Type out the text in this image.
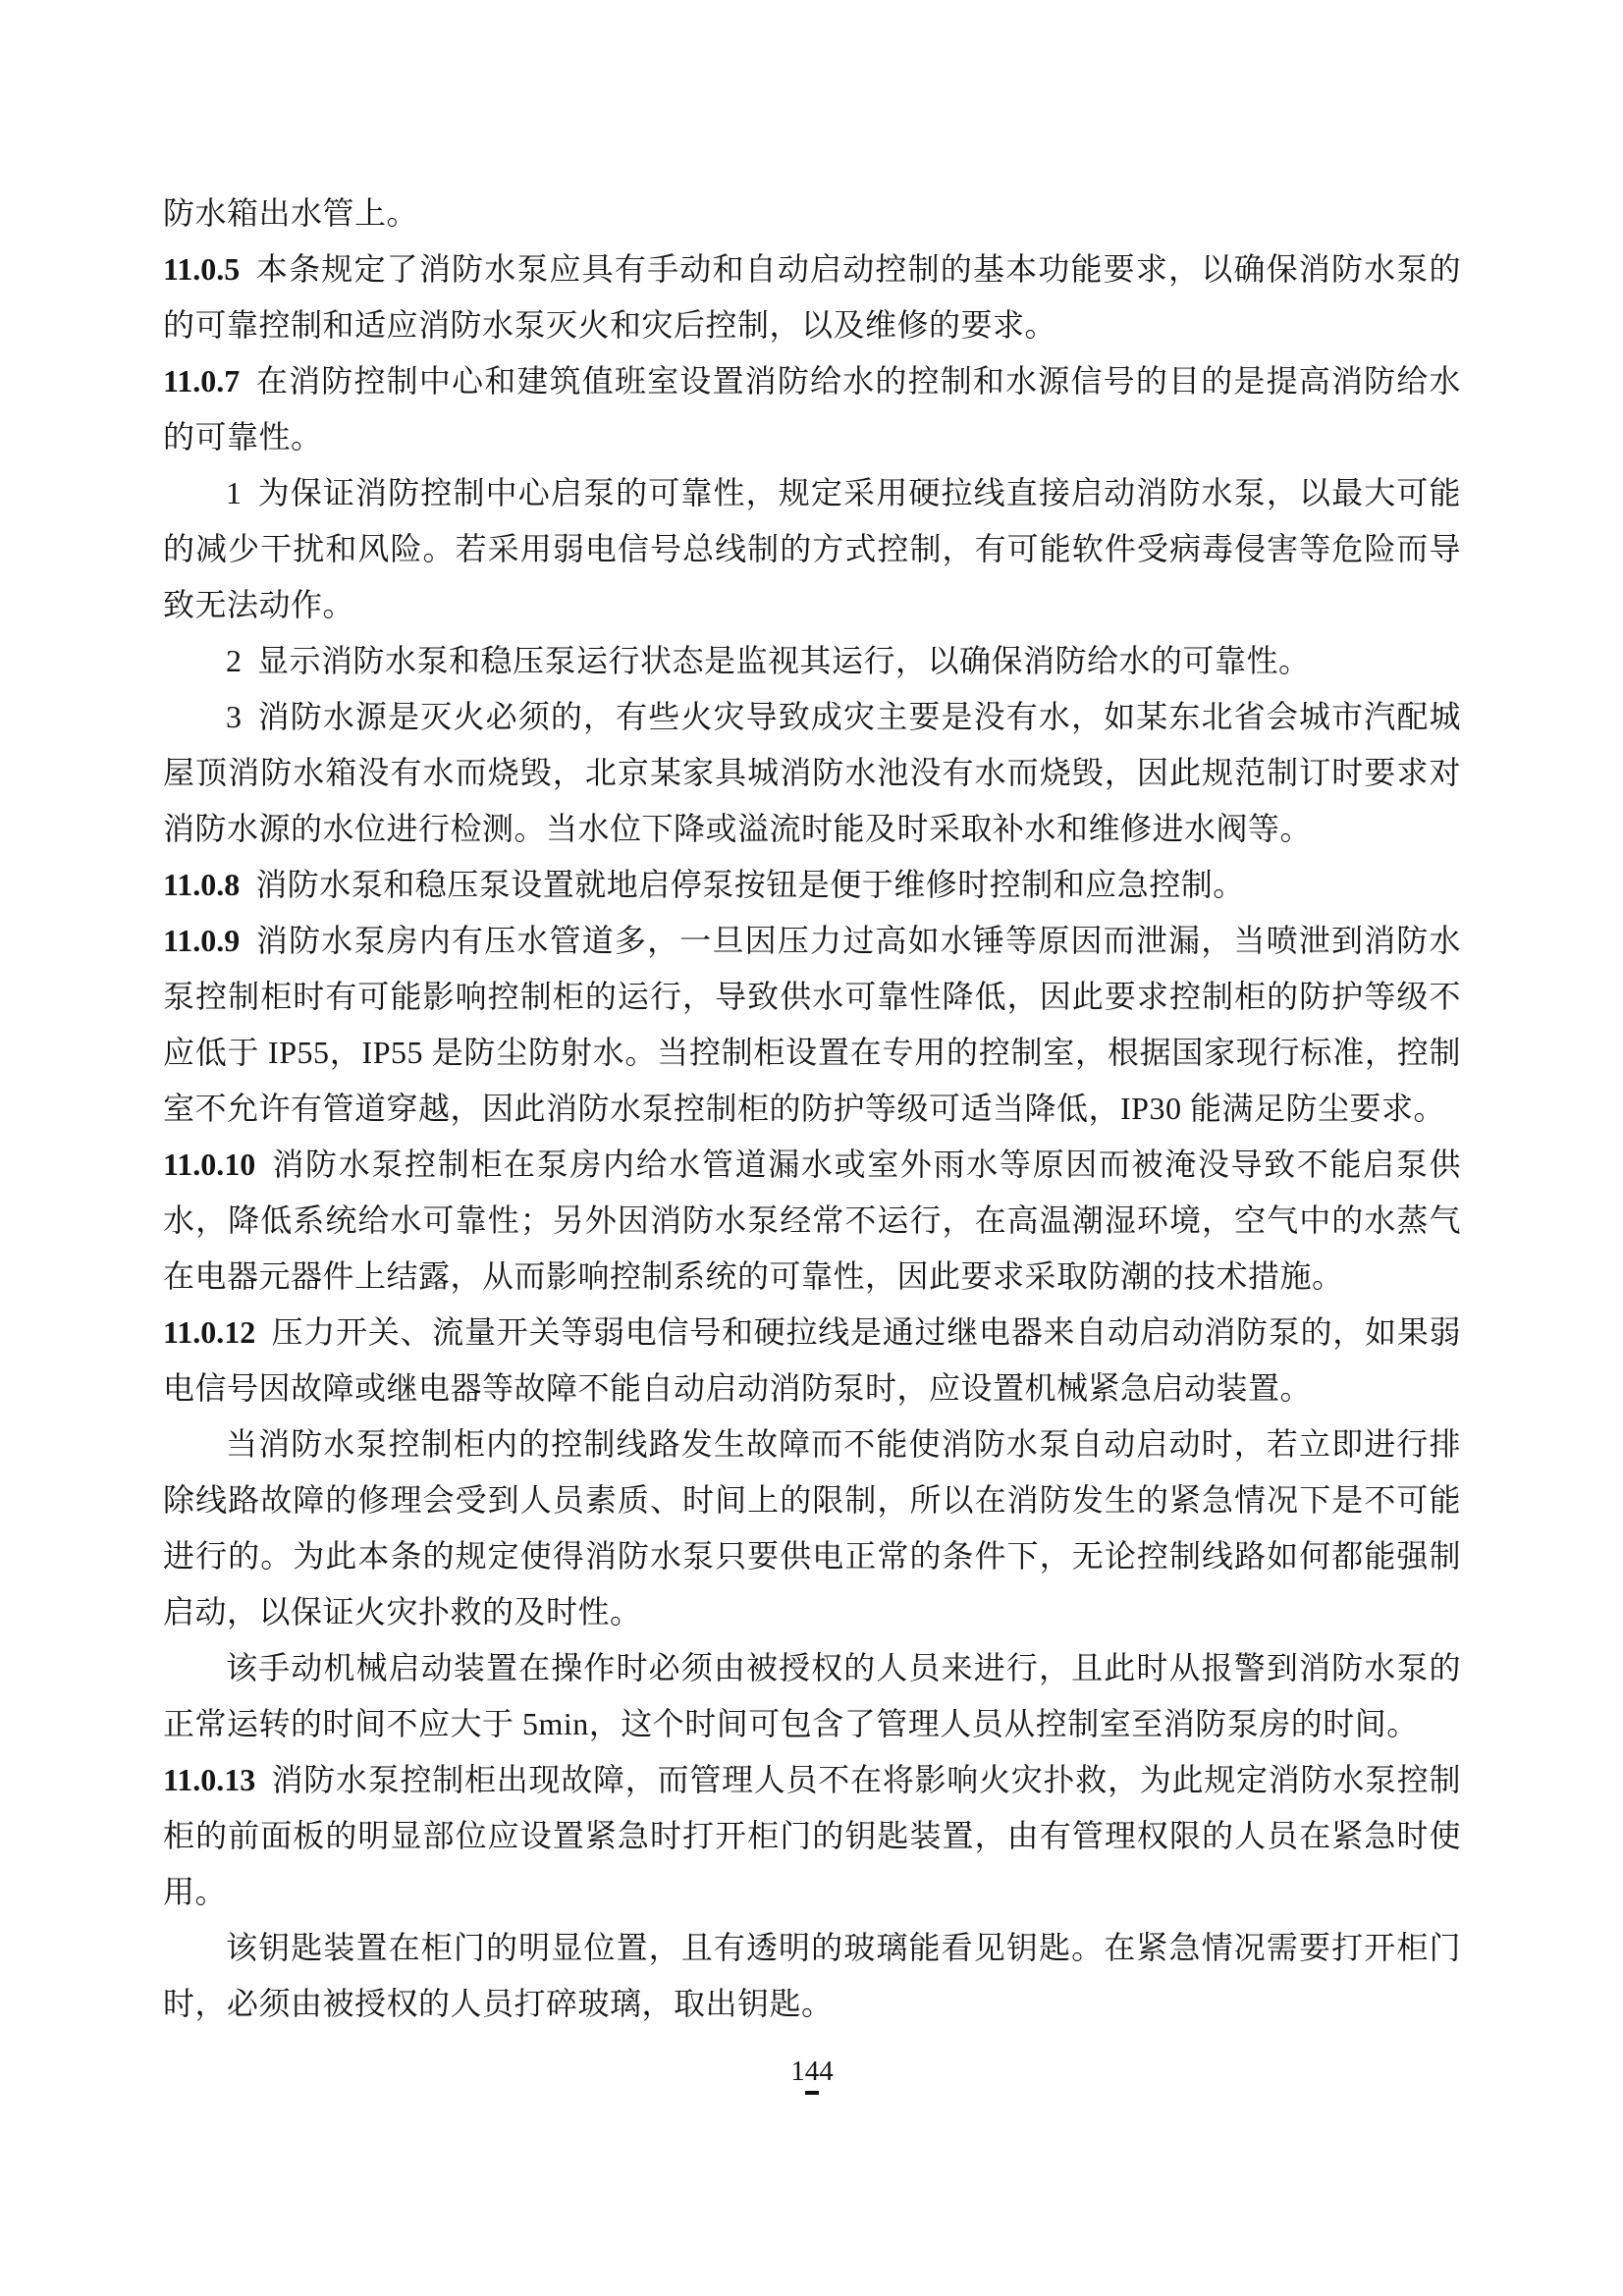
防水箱出水管上。

11.0.5 本条规定了消防水泵应具有手动和自动启动控制的基本功能要求，以确保消防水泵的的可靠控制和适应消防水泵灭火和灾后控制，以及维修的要求。

11.0.7 在消防控制中心和建筑值班室设置消防给水的控制和水源信号的目的是提高消防给水的可靠性。

1 为保证消防控制中心启泵的可靠性，规定采用硬拉线直接启动消防水泵，以最大可能的减少干扰和风险。若采用弱电信号总线制的方式控制，有可能软件受病毒侵害等危险而导致无法动作。

2 显示消防水泵和稳压泵运行状态是监视其运行，以确保消防给水的可靠性。

3 消防水源是灭火必须的，有些火灾导致成灾主要是没有水，如某东北省会城市汽配城屋顶消防水箱没有水而烧毁，北京某家具城消防水池没有水而烧毁，因此规范制订时要求对消防水源的水位进行检测。当水位下降或溢流时能及时采取补水和维修进水阀等。

11.0.8 消防水泵和稳压泵设置就地启停泵按钮是便于维修时控制和应急控制。

11.0.9 消防水泵房内有压水管道多，一旦因压力过高如水锤等原因而泄漏，当喷泄到消防水泵控制柜时有可能影响控制柜的运行，导致供水可靠性降低，因此要求控制柜的防护等级不应低于 IP55，IP55 是防尘防射水。当控制柜设置在专用的控制室，根据国家现行标准，控制室不允许有管道穿越，因此消防水泵控制柜的防护等级可适当降低，IP30 能满足防尘要求。

11.0.10 消防水泵控制柜在泵房内给水管道漏水或室外雨水等原因而被淹没导致不能启泵供水，降低系统给水可靠性；另外因消防水泵经常不运行，在高温潮湿环境，空气中的水蒸气在电器元器件上结露，从而影响控制系统的可靠性，因此要求采取防潮的技术措施。

11.0.12 压力开关、流量开关等弱电信号和硬拉线是通过继电器来自动启动消防泵的，如果弱电信号因故障或继电器等故障不能自动启动消防泵时，应设置机械紧急启动装置。

当消防水泵控制柜内的控制线路发生故障而不能使消防水泵自动启动时，若立即进行排除线路故障的修理会受到人员素质、时间上的限制，所以在消防发生的紧急情况下是不可能进行的。为此本条的规定使得消防水泵只要供电正常的条件下，无论控制线路如何都能强制启动，以保证火灾扑救的及时性。

该手动机械启动装置在操作时必须由被授权的人员来进行，且此时从报警到消防水泵的正常运转的时间不应大于 5min，这个时间可包含了管理人员从控制室至消防泵房的时间。

11.0.13 消防水泵控制柜出现故障，而管理人员不在将影响火灾扑救，为此规定消防水泵控制柜的前面板的明显部位应设置紧急时打开柜门的钥匙装置，由有管理权限的人员在紧急时使用。

该钥匙装置在柜门的明显位置，且有透明的玻璃能看见钥匙。在紧急情况需要打开柜门时，必须由被授权的人员打碎玻璃，取出钥匙。

144
